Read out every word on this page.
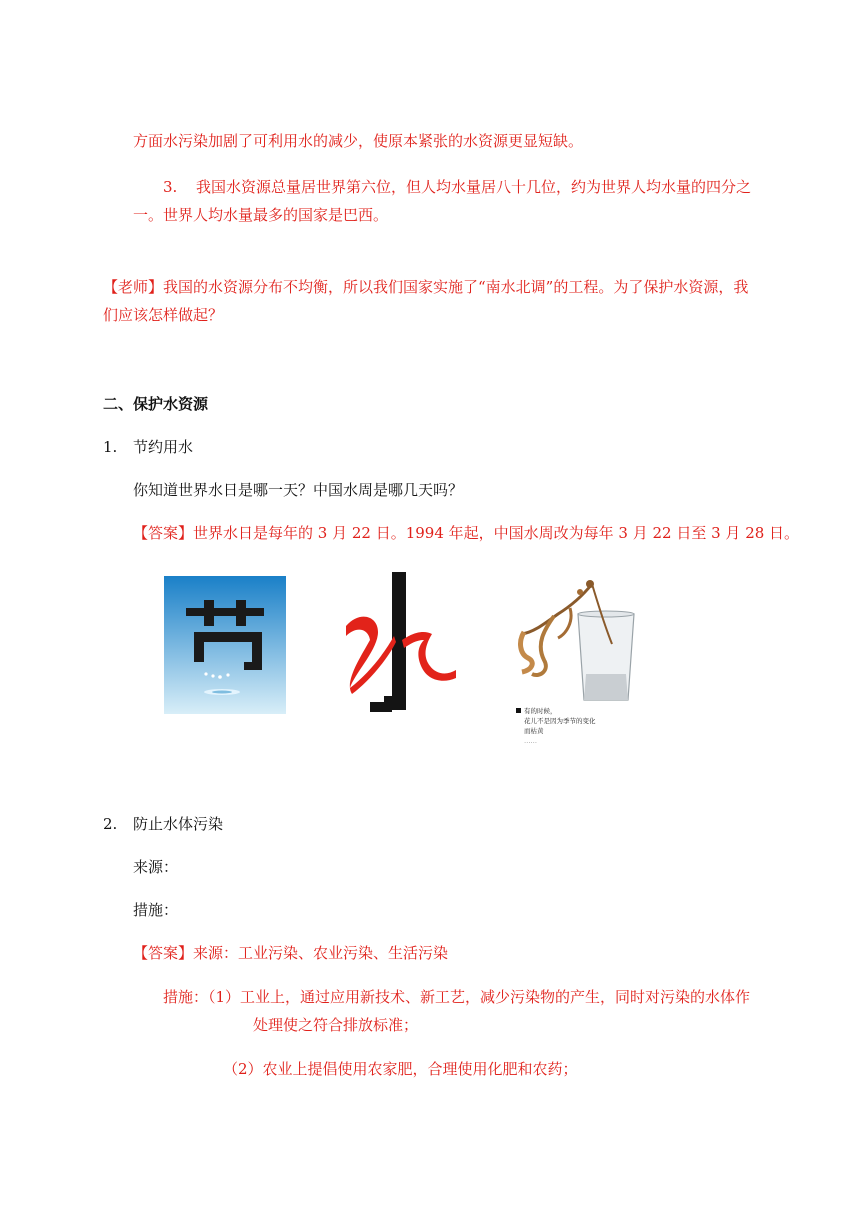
方面水污染加剧了可利用水的减少，使原本紧张的水资源更显短缺。
3. 我国水资源总量居世界第六位，但人均水量居八十几位，约为世界人均水量的四分之
一。世界人均水量最多的国家是巴西。
【老师】我国的水资源分布不均衡，所以我们国家实施了“南水北调”的工程。为了保护水资源，我
们应该怎样做起？
二、保护水资源
1. 节约用水
你知道世界水日是哪一天？中国水周是哪几天吗？
【答案】世界水日是每年的 3 月 22 日。1994 年起，中国水周改为每年 3 月 22 日至 3 月 28 日。
有的时候，
花儿不是因为季节的变化
而枯黄
……
2. 防止水体污染
来源：
措施：
【答案】来源：工业污染、农业污染、生活污染
措施：（1）工业上，通过应用新技术、新工艺，减少污染物的产生，同时对污染的水体作
处理使之符合排放标准；
（2）农业上提倡使用农家肥，合理使用化肥和农药；
